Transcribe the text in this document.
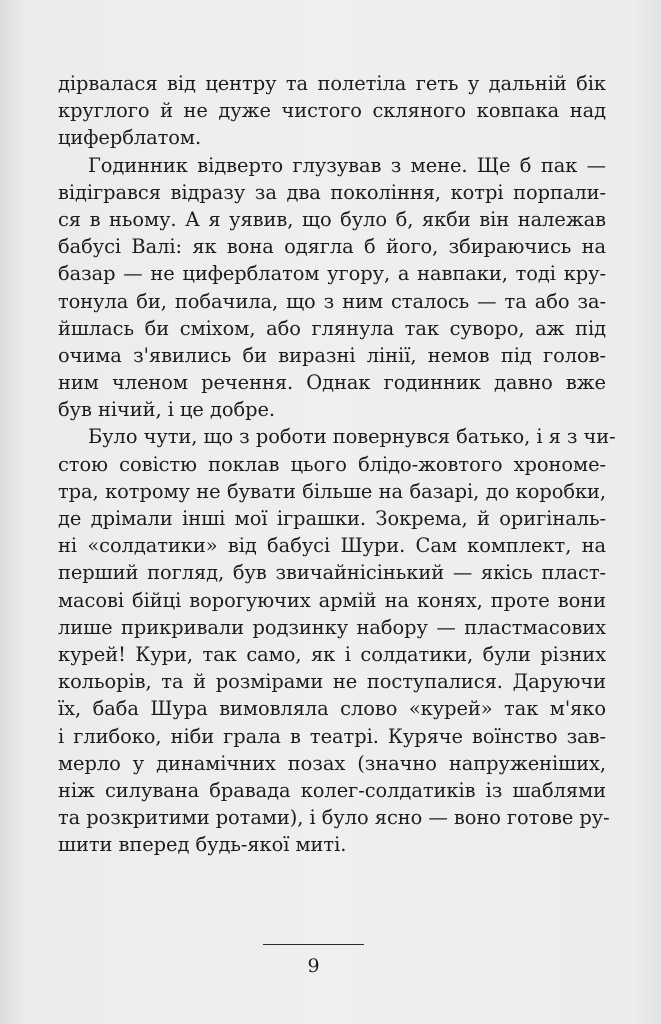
дірвалася від центру та полетіла геть у дальній бік
круглого й не дуже чистого скляного ковпака над
циферблатом.
Годинник відверто глузував з мене. Ще б пак —
відігрався відразу за два покоління, котрі порпали-
ся в ньому. А я уявив, що було б, якби він належав
бабусі Валі: як вона одягла б його, збираючись на
базар — не циферблатом угору, а навпаки, тоді кру-
тонула би, побачила, що з ним сталось — та або за-
йшлась би сміхом, або глянула так суворо, аж під
очима з'явились би виразні лінії, немов під голов-
ним членом речення. Однак годинник давно вже
був нічий, і це добре.
Було чути, що з роботи повернувся батько, і я з чи-
стою совістю поклав цього блідо-жовтого хрономе-
тра, котрому не бувати більше на базарі, до коробки,
де дрімали інші мої іграшки. Зокрема, й оригіналь-
ні «солдатики» від бабусі Шури. Сам комплект, на
перший погляд, був звичайнісінький — якісь пласт-
масові бійці ворогуючих армій на конях, проте вони
лише прикривали родзинку набору — пластмасових
курей! Кури, так само, як і солдатики, були різних
кольорів, та й розмірами не поступалися. Даруючи
їх, баба Шура вимовляла слово «курей» так м'яко
і глибоко, ніби грала в театрі. Куряче воїнство зав-
мерло у динамічних позах (значно напруженіших,
ніж силувана бравада колег-солдатиків із шаблями
та розкритими ротами), і було ясно — воно готове ру-
шити вперед будь-якої миті.
9
